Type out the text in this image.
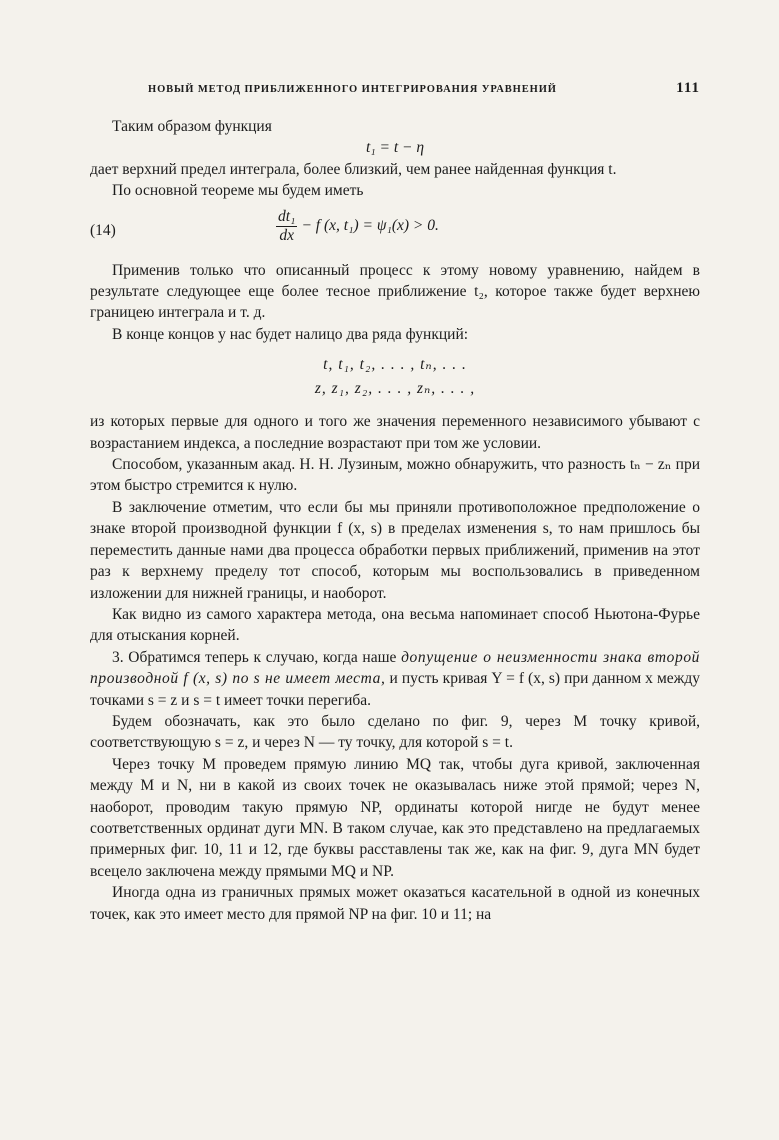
НОВЫЙ МЕТОД ПРИБЛИЖЕННОГО ИНТЕГРИРОВАНИЯ УРАВНЕНИЙ	111

Таким образом функция

t₁ = t − η

дает верхний предел интеграла, более близкий, чем ранее найденная функция t.

По основной теореме мы будем иметь

(14)	$\frac{\text{dt₁}}{dx} - f$ (x, t₁) = ψ₁(x) > 0.

Применив только что описанный процесс к этому новому уравнению, найдем в результате следующее еще более тесное приближение t₂, которое также будет верхнею границею интеграла и т. д.

В конце концов у нас будет налицо два ряда функций:

t, t₁, t₂, . . . , tₙ, . . .
z, z₁, z₂, . . . , zₙ, . . . ,

из которых первые для одного и того же значения переменного независимого убывают с возрастанием индекса, а последние возрастают при том же условии.

Способом, указанным акад. Н. Н. Лузиным, можно обнаружить, что разность tₙ − zₙ при этом быстро стремится к нулю.

В заключение отметим, что если бы мы приняли противоположное предположение о знаке второй производной функции f (x, s) в пределах изменения s, то нам пришлось бы переместить данные нами два процесса обработки первых приближений, применив на этот раз к верхнему пределу тот способ, которым мы воспользовались в приведенном изложении для нижней границы, и наоборот.

Как видно из самого характера метода, она весьма напоминает способ Ньютона-Фурье для отыскания корней.

3. Обратимся теперь к случаю, когда наше допущение о неизменности знака второй производной f (x, s) по s не имеет места, и пусть кривая Y = f (x, s) при данном x между точками s = z и s = t имеет точки перегиба.

Будем обозначать, как это было сделано по фиг. 9, через M точку кривой, соответствующую s = z, и через N — ту точку, для которой s = t.

Через точку M проведем прямую линию MQ так, чтобы дуга кривой, заключенная между M и N, ни в какой из своих точек не оказывалась ниже этой прямой; через N, наоборот, проводим такую прямую NP, ординаты которой нигде не будут менее соответственных ординат дуги MN. В таком случае, как это представлено на предлагаемых примерных фиг. 10, 11 и 12, где буквы расставлены так же, как на фиг. 9, дуга MN будет всецело заключена между прямыми MQ и NP.

Иногда одна из граничных прямых может оказаться касательной в одной из конечных точек, как это имеет место для прямой NP на фиг. 10 и 11; на
